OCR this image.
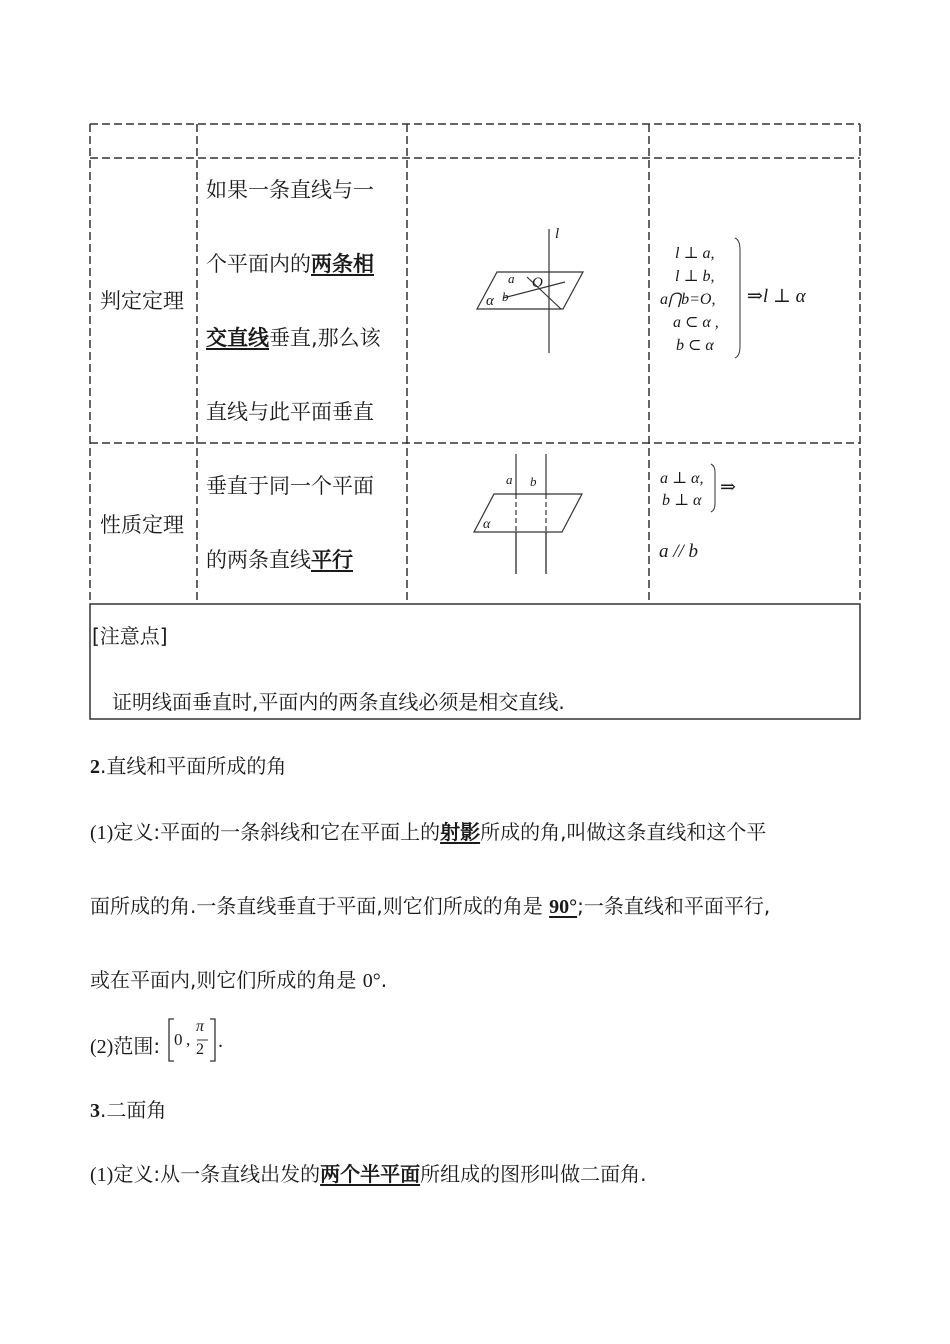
判定定理
如果一条直线与一
个平面内的两条相
交直线垂直,那么该
直线与此平面垂直
l
a O
α b
l ⊥ a,
l ⊥ b,
a⋂b=O,
a ⊂ α ,
b ⊂ α
⇒l ⊥ α
性质定理
垂直于同一个平面
的两条直线平行
a b
α
a ⊥ α,
b ⊥ α
⇒
a // b
[注意点]
证明线面垂直时,平面内的两条直线必须是相交直线.
2.直线和平面所成的角
(1)定义:平面的一条斜线和它在平面上的射影所成的角,叫做这条直线和这个平
面所成的角.一条直线垂直于平面,则它们所成的角是 90°;一条直线和平面平行,
或在平面内,则它们所成的角是 0°.
(2)范围: 0 ,
π
2 .
3.二面角
(1)定义:从一条直线出发的两个半平面所组成的图形叫做二面角.
